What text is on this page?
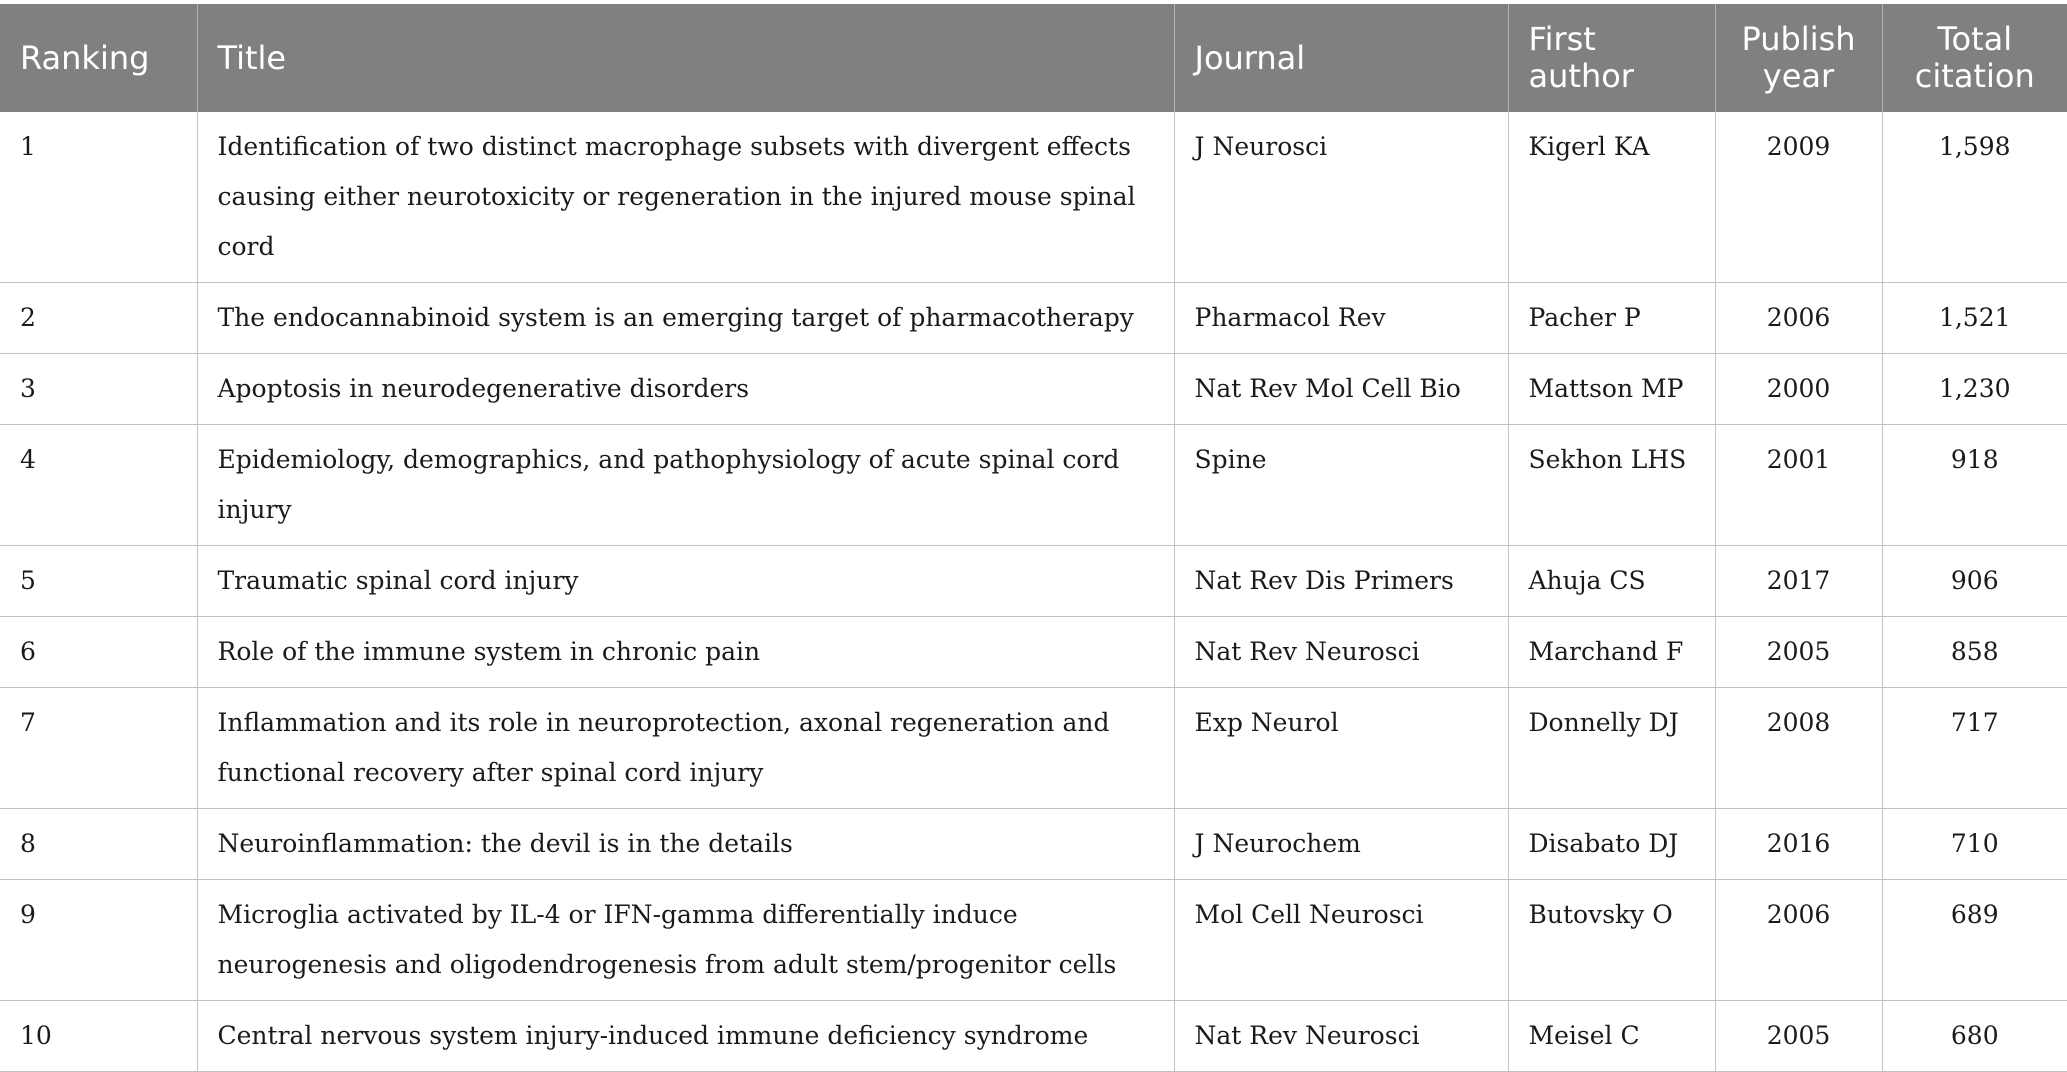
Ranking	Title	Journal	First author	Publish year	Total citation
1	Identification of two distinct macrophage subsets with divergent effects causing either neurotoxicity or regeneration in the injured mouse spinal cord	J Neurosci	Kigerl KA	2009	1,598
2	The endocannabinoid system is an emerging target of pharmacotherapy	Pharmacol Rev	Pacher P	2006	1,521
3	Apoptosis in neurodegenerative disorders	Nat Rev Mol Cell Bio	Mattson MP	2000	1,230
4	Epidemiology, demographics, and pathophysiology of acute spinal cord injury	Spine	Sekhon LHS	2001	918
5	Traumatic spinal cord injury	Nat Rev Dis Primers	Ahuja CS	2017	906
6	Role of the immune system in chronic pain	Nat Rev Neurosci	Marchand F	2005	858
7	Inflammation and its role in neuroprotection, axonal regeneration and functional recovery after spinal cord injury	Exp Neurol	Donnelly DJ	2008	717
8	Neuroinflammation: the devil is in the details	J Neurochem	Disabato DJ	2016	710
9	Microglia activated by IL-4 or IFN-gamma differentially induce neurogenesis and oligodendrogenesis from adult stem/progenitor cells	Mol Cell Neurosci	Butovsky O	2006	689
10	Central nervous system injury-induced immune deficiency syndrome	Nat Rev Neurosci	Meisel C	2005	680
